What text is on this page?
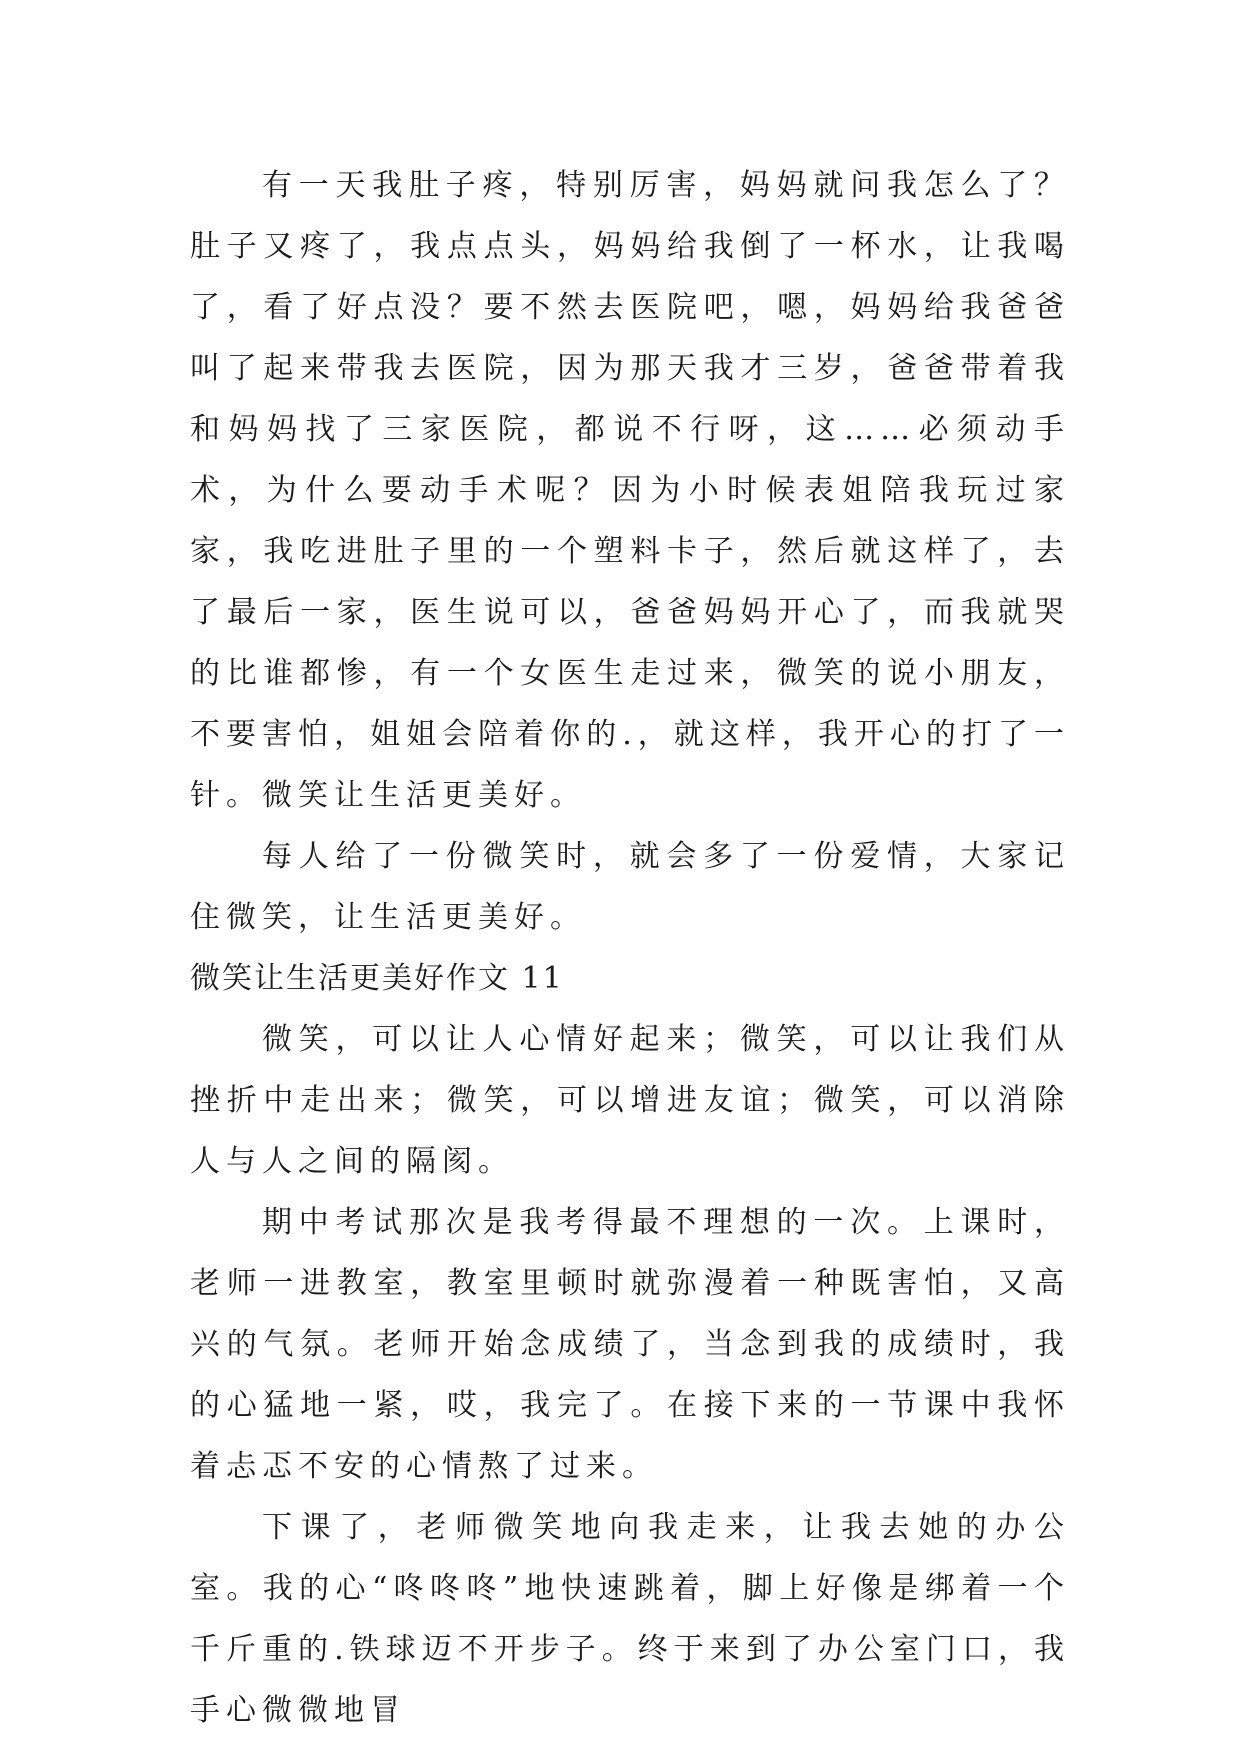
有一天我肚子疼，特别厉害，妈妈就问我怎么了？肚子又疼了，我点点头，妈妈给我倒了一杯水，让我喝了，看了好点没？要不然去医院吧，嗯，妈妈给我爸爸叫了起来带我去医院，因为那天我才三岁，爸爸带着我和妈妈找了三家医院，都说不行呀，这……必须动手术，为什么要动手术呢？因为小时候表姐陪我玩过家家，我吃进肚子里的一个塑料卡子，然后就这样了，去了最后一家，医生说可以，爸爸妈妈开心了，而我就哭的比谁都惨，有一个女医生走过来，微笑的说小朋友，不要害怕，姐姐会陪着你的.，就这样，我开心的打了一针。微笑让生活更美好。

每人给了一份微笑时，就会多了一份爱情，大家记住微笑，让生活更美好。

微笑让生活更美好作文 11

微笑，可以让人心情好起来；微笑，可以让我们从挫折中走出来；微笑，可以增进友谊；微笑，可以消除人与人之间的隔阂。

期中考试那次是我考得最不理想的一次。上课时，老师一进教室，教室里顿时就弥漫着一种既害怕，又高兴的气氛。老师开始念成绩了，当念到我的成绩时，我的心猛地一紧，哎，我完了。在接下来的一节课中我怀着忐忑不安的心情熬了过来。

下课了，老师微笑地向我走来，让我去她的办公室。我的心“咚咚咚”地快速跳着，脚上好像是绑着一个千斤重的.铁球迈不开步子。终于来到了办公室门口，我手心微微地冒
